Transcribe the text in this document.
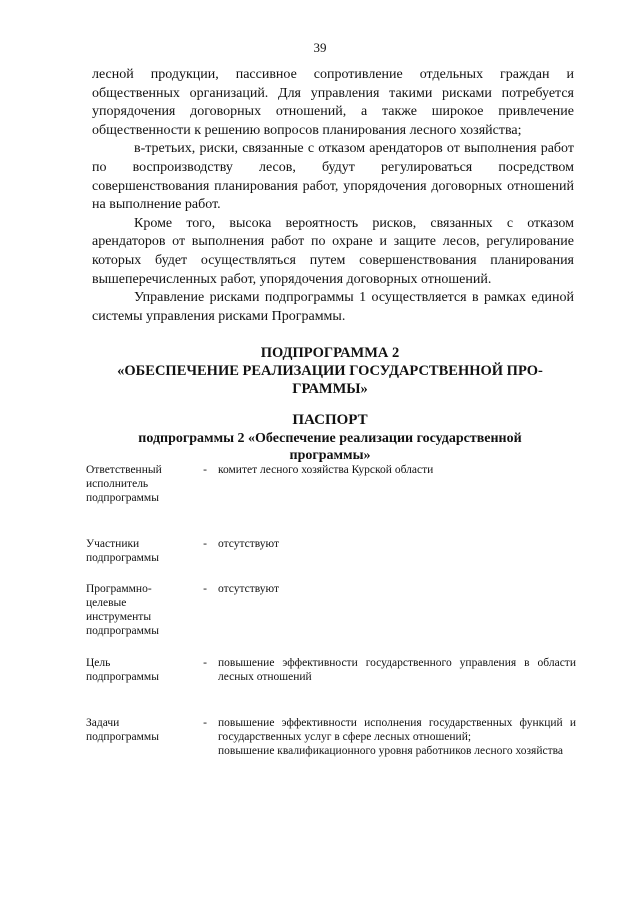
39

лесной продукции, пассивное сопротивление отдельных граждан и общественных организаций. Для управления такими рисками потребуется упорядочения договорных отношений, а также широкое привлечение общественности к решению вопросов планирования лесного хозяйства;

в-третьих, риски, связанные с отказом арендаторов от выполнения работ по воспроизводству лесов, будут регулироваться посредством совершенствования планирования работ, упорядочения договорных отношений на выполнение работ.

Кроме того, высока вероятность рисков, связанных с отказом арендаторов от выполнения работ по охране и защите лесов, регулирование которых будет осуществляться путем совершенствования планирования вышеперечисленных работ, упорядочения договорных отношений.

Управление рисками подпрограммы 1 осуществляется в рамках единой системы управления рисками Программы.

ПОДПРОГРАММА 2
«ОБЕСПЕЧЕНИЕ РЕАЛИЗАЦИИ ГОСУДАРСТВЕННОЙ ПРО-
ГРАММЫ»
ПАСПОРТ
подпрограммы 2 «Обеспечение реализации государственной
программы»
Ответственный исполнитель подпрограммы
- комитет лесного хозяйства Курской области
Участники подпрограммы
- отсутствуют
Программно-целевые инструменты подпрограммы
- отсутствуют
Цель подпрограммы
- повышение эффективности государственного управления в области лесных отношений
Задачи подпрограммы
- повышение эффективности исполнения государственных функций и государственных услуг в сфере лесных отношений;
повышение квалификационного уровня работников лесного хозяйства
